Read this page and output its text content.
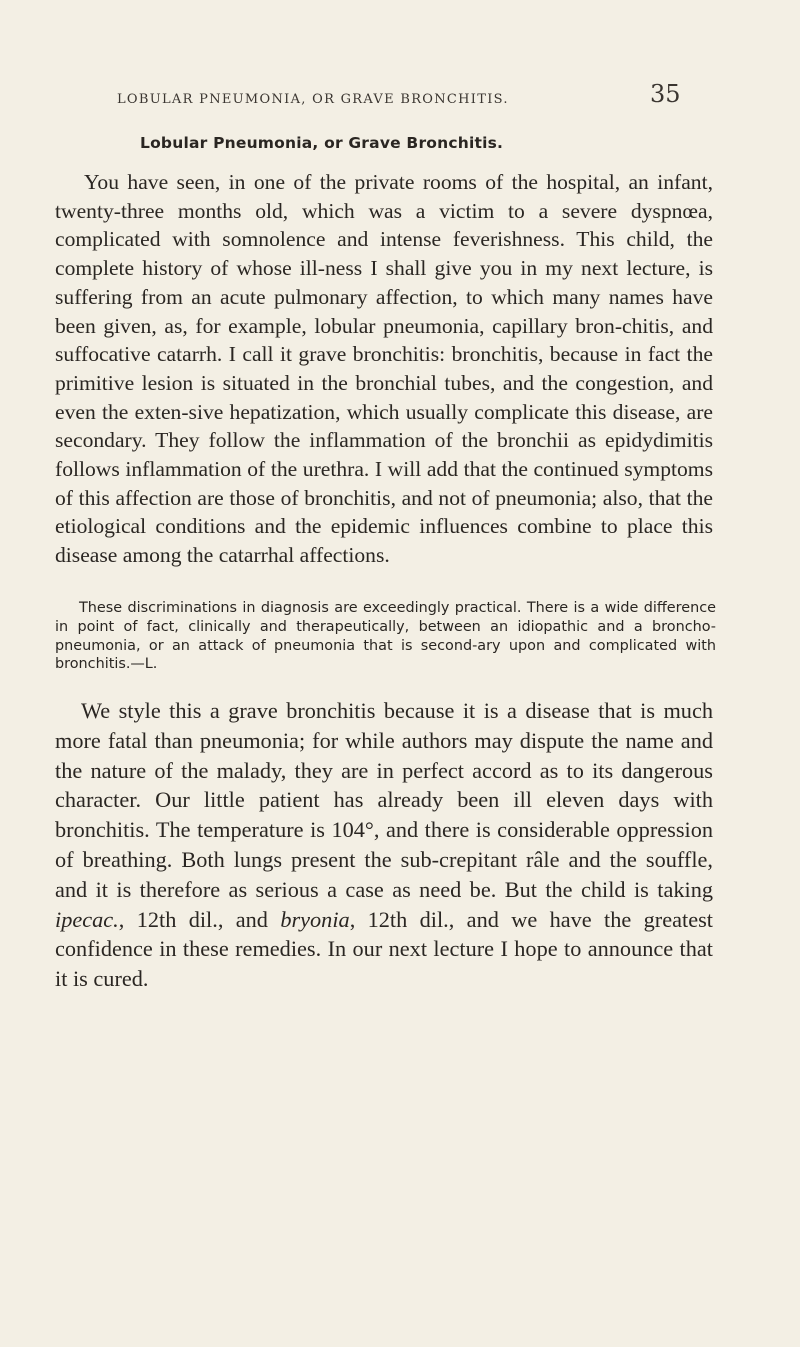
LOBULAR PNEUMONIA, OR GRAVE BRONCHITIS.	35
Lobular Pneumonia, or Grave Bronchitis.

You have seen, in one of the private rooms of the hospital, an infant, twenty-three months old, which was a victim to a severe dyspnœa, complicated with somnolence and intense feverishness. This child, the complete history of whose ill-ness I shall give you in my next lecture, is suffering from an acute pulmonary affection, to which many names have been given, as, for example, lobular pneumonia, capillary bron-chitis, and suffocative catarrh. I call it grave bronchitis: bronchitis, because in fact the primitive lesion is situated in the bronchial tubes, and the congestion, and even the exten-sive hepatization, which usually complicate this disease, are secondary. They follow the inflammation of the bronchii as epidydimitis follows inflammation of the urethra. I will add that the continued symptoms of this affection are those of bronchitis, and not of pneumonia; also, that the etiological conditions and the epidemic influences combine to place this disease among the catarrhal affections.

These discriminations in diagnosis are exceedingly practical. There is a wide difference in point of fact, clinically and therapeutically, between an idiopathic and a broncho-pneumonia, or an attack of pneumonia that is second-ary upon and complicated with bronchitis.—L.

We style this a grave bronchitis because it is a disease that is much more fatal than pneumonia; for while authors may dispute the name and the nature of the malady, they are in perfect accord as to its dangerous character. Our little patient has already been ill eleven days with bronchitis. The temperature is 104°, and there is considerable oppression of breathing. Both lungs present the sub-crepitant râle and the souffle, and it is therefore as serious a case as need be. But the child is taking ipecac., 12th dil., and bryonia, 12th dil., and we have the greatest confidence in these remedies. In our next lecture I hope to announce that it is cured.
